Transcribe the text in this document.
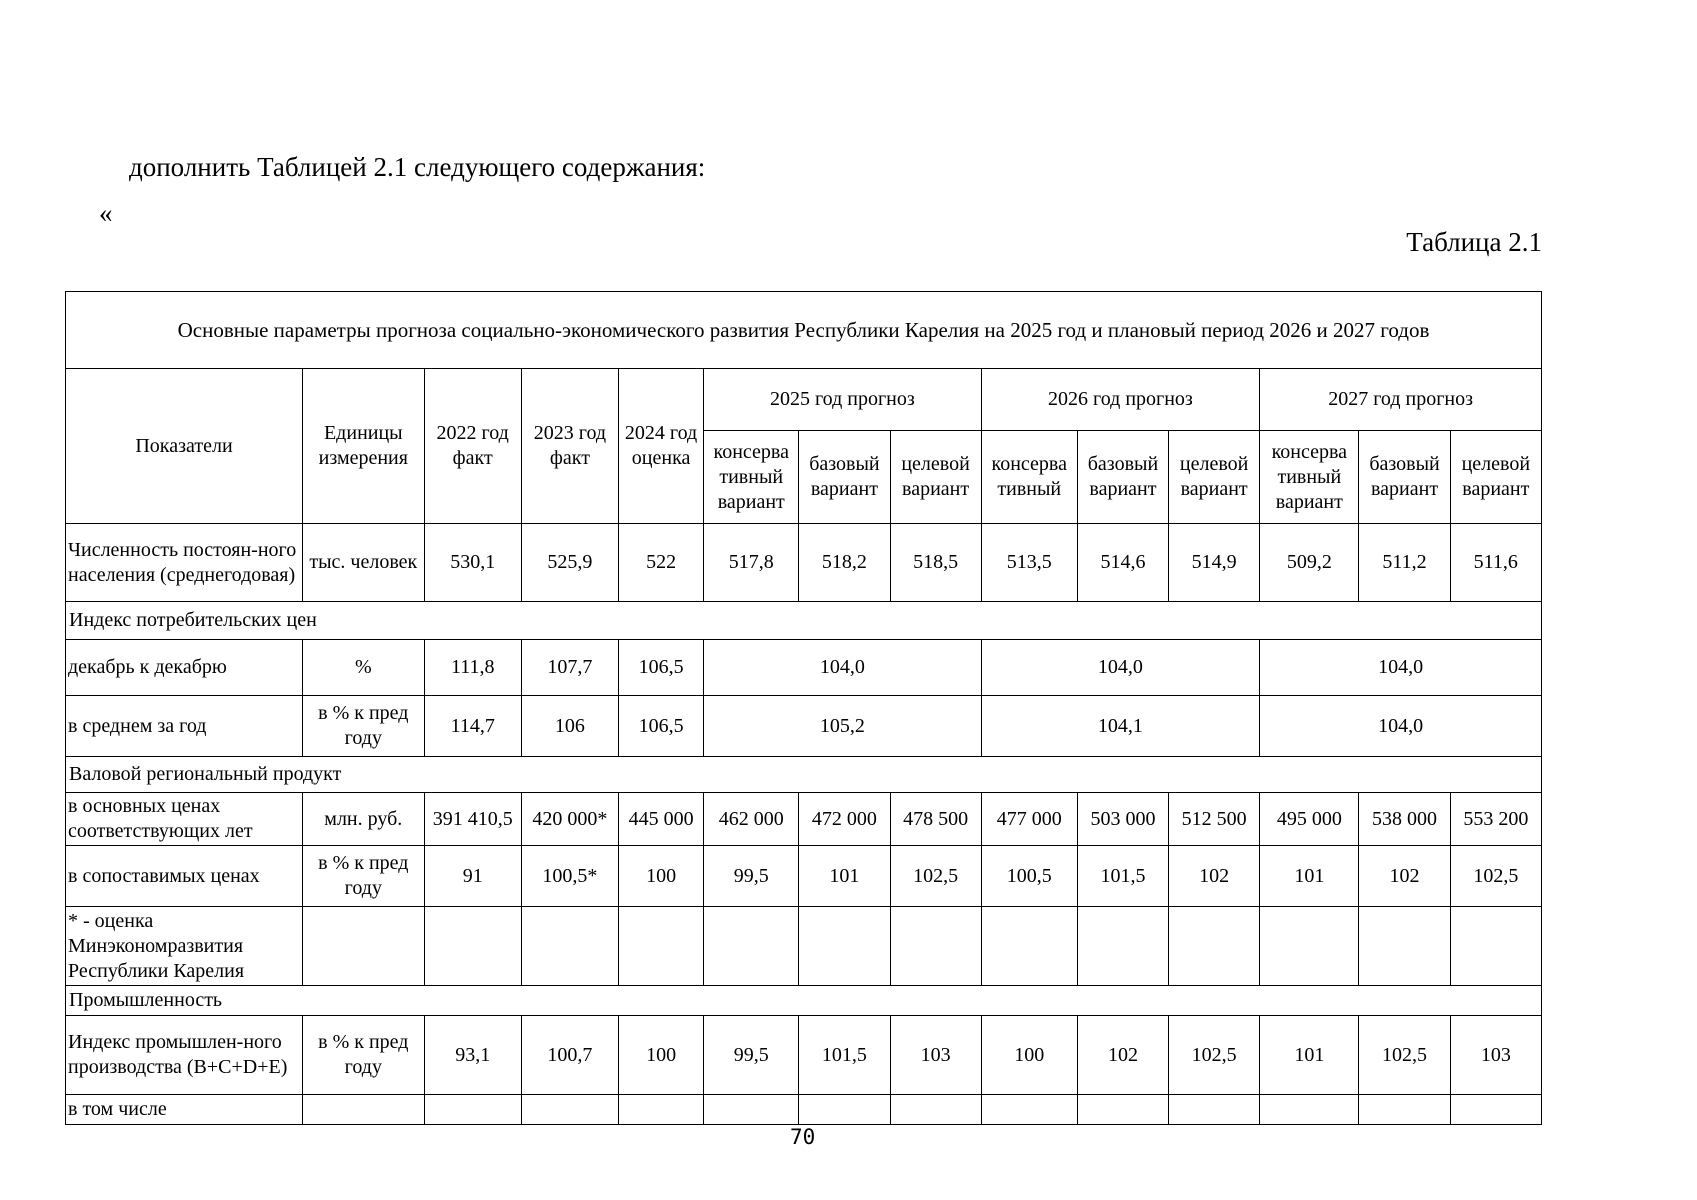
дополнить Таблицей 2.1 следующего содержания:
«
Таблица 2.1
Основные параметры прогноза социально-экономического развития Республики Карелия на 2025 год и плановый период 2026 и 2027 годов													
Показатели	Единицы измерения	2022 год факт	2023 год факт	2024 год оценка	2025 год прогноз			2026 год прогноз			2027 год прогноз		
					консерва тивный вариант	базовый вариант	целевой вариант	консерва тивный	базовый вариант	целевой вариант	консерва тивный вариант	базовый вариант	целевой вариант
Численность постоян-ного населения (среднегодовая)	тыс. человек	530,1	525,9	522	517,8	518,2	518,5	513,5	514,6	514,9	509,2	511,2	511,6
Индекс потребительских цен													
декабрь к декабрю	%	111,8	107,7	106,5	104,0			104,0			104,0		
в среднем за год	в % к пред году	114,7	106	106,5	105,2			104,1			104,0		
Валовой региональный продукт													
в основных ценах соответствующих лет	млн. руб.	391 410,5	420 000*	445 000	462 000	472 000	478 500	477 000	503 000	512 500	495 000	538 000	553 200
в сопоставимых ценах	в % к пред году	91	100,5*	100	99,5	101	102,5	100,5	101,5	102	101	102	102,5
* - оценка Минэкономразвития Республики Карелия													
Промышленность													
Индекс промышлен-ного производства (B+C+D+E)	в % к пред году	93,1	100,7	100	99,5	101,5	103	100	102	102,5	101	102,5	103
в том числе													
70
